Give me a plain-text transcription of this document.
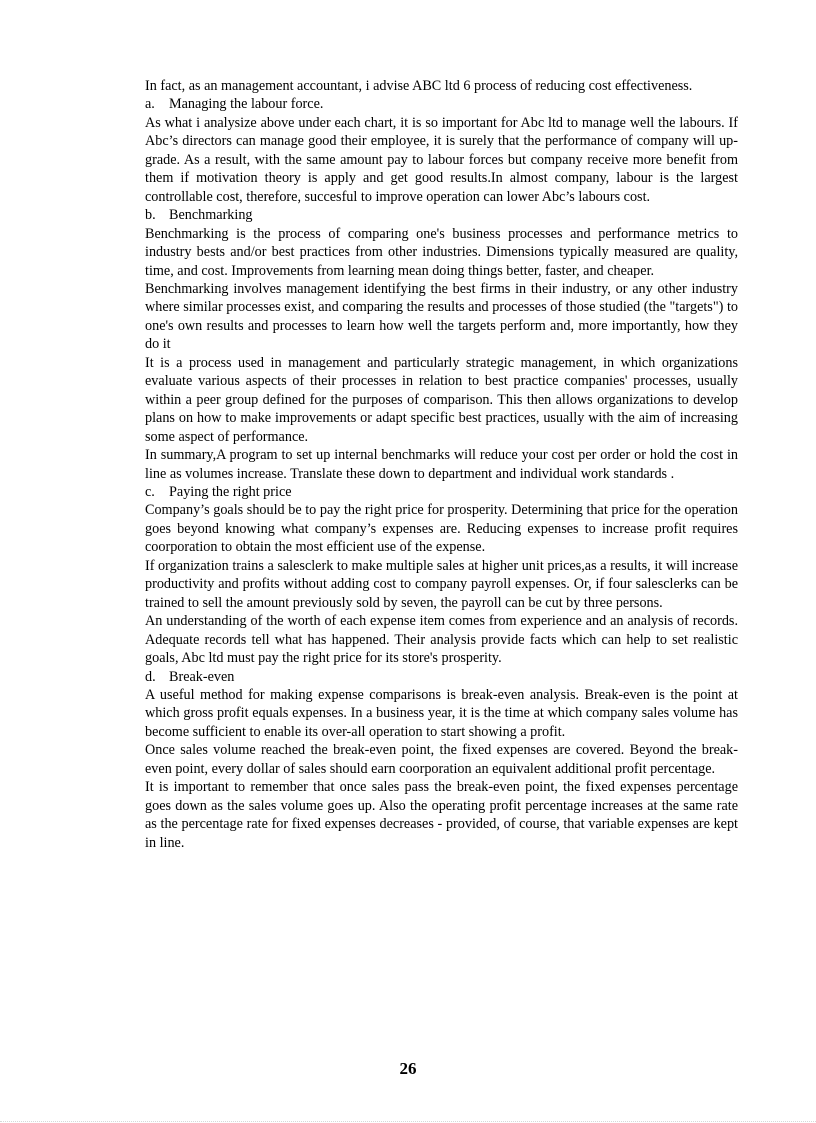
In fact, as an management accountant, i advise ABC ltd 6 process of reducing cost effectiveness.

a. Managing the labour force.

As what i analysize above under each chart, it is so important for Abc ltd to manage well the labours. If Abc’s directors can manage good their employee, it is surely that the performance of company will up-grade. As a result, with the same amount pay to labour forces but company receive more benefit from them if motivation theory is apply and get good results.In almost company, labour is the largest controllable cost, therefore, succesful to improve operation can lower Abc’s labours cost.

b. Benchmarking

Benchmarking is the process of comparing one's business processes and performance metrics to industry bests and/or best practices from other industries. Dimensions typically measured are quality, time, and cost. Improvements from learning mean doing things better, faster, and cheaper.

Benchmarking involves management identifying the best firms in their industry, or any other industry where similar processes exist, and comparing the results and processes of those studied (the "targets") to one's own results and processes to learn how well the targets perform and, more importantly, how they do it

It is a process used in management and particularly strategic management, in which organizations evaluate various aspects of their processes in relation to best practice companies' processes, usually within a peer group defined for the purposes of comparison. This then allows organizations to develop plans on how to make improvements or adapt specific best practices, usually with the aim of increasing some aspect of performance.

In summary,A program to set up internal benchmarks will reduce your cost per order or hold the cost in line as volumes increase. Translate these down to department and individual work standards .

c. Paying the right price

Company’s goals should be to pay the right price for prosperity. Determining that price for the operation goes beyond knowing what company’s expenses are. Reducing expenses to increase profit requires coorporation to obtain the most efficient use of the expense.

If organization trains a salesclerk to make multiple sales at higher unit prices,as a results, it will increase productivity and profits without adding cost to company payroll expenses. Or, if four salesclerks can be trained to sell the amount previously sold by seven, the payroll can be cut by three persons.

An understanding of the worth of each expense item comes from experience and an analysis of records. Adequate records tell what has happened. Their analysis provide facts which can help to set realistic goals, Abc ltd must pay the right price for its store's prosperity.

d. Break-even

A useful method for making expense comparisons is break-even analysis. Break-even is the point at which gross profit equals expenses. In a business year, it is the time at which company sales volume has become sufficient to enable its over-all operation to start showing a profit.

Once sales volume reached the break-even point, the fixed expenses are covered. Beyond the break-even point, every dollar of sales should earn coorporation an equivalent additional profit percentage.

It is important to remember that once sales pass the break-even point, the fixed expenses percentage goes down as the sales volume goes up. Also the operating profit percentage increases at the same rate as the percentage rate for fixed expenses decreases - provided, of course, that variable expenses are kept in line.

26
